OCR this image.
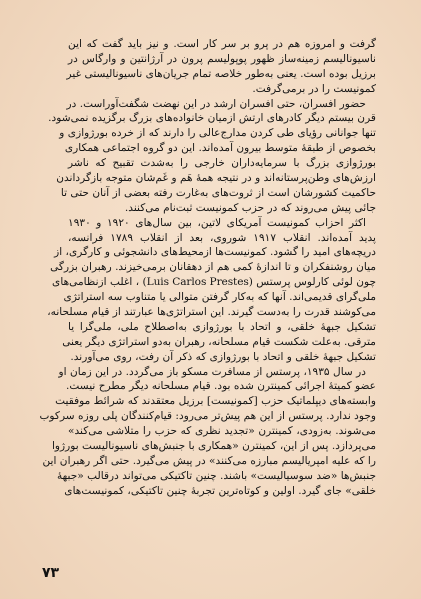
گرفت و امروزه هم در پرو بر سر کار است. و نیز باید گفت که این
ناسیونالیسم زمینه‌ساز ظهور پوپولیسم پرون در آرژانتین و وارگاس در
برزیل بوده است. یعنی به‌طور خلاصه تمام جریان‌های ناسیونالیستی غیر
کمونیست را در برمی‌گرفت.
حضور افسران، حتی افسران ارشد در این نهضت شگفت‌آوراست. در
قرن بیستم دیگر کادرهای ارتش ازمیان خانواده‌های بزرگ برگزیده نمی‌شود.
تنها جوانانی رؤیای طی کردن مدارج‌عالی را دارند که از خرده بورژوازی و
بخصوص از طبقهٔ متوسط بیرون آمده‌اند. این دو گروه اجتماعی همکاری
بورژوازی بزرگ با سرمایه‌داران خارجی را به‌شدت تقبیح که ناشر
ارزش‌های وطن‌پرستانه‌اند و در نتیجه همهٔ هَم و غَم‌شان متوجه بازگرداندن
حاکمیت کشورشان است از ثروت‌های به‌غارت رفته بعضی از آنان حتی تا
جائی پیش می‌روند که در حزب کمونیست ثبت‌نام می‌کنند.
اکثر احزاب کمونیست آمریکای لاتین، بین سال‌های ۱۹۲۰ و ۱۹۳۰
پدید آمده‌اند. انقلاب ۱۹۱۷ شوروی، بعد از انقلاب ۱۷۸۹ فرانسه،
دریچه‌های امید را گشود. کمونیست‌ها ازمحیط‌های دانشجوئی و کارگری، از
میان روشنفکران و تا اندازهٔ کمی هم از دهقانان برمی‌خیزند. رهبران بزرگی
چون لوئی کارلوس پرستس (Luis Carlos Prestes) ، اغلب ازنظامی‌های
ملی‌گرای قدیمی‌اند. آنها که به‌کار گرفتن متوالی یا متناوب سه استراتژی
می‌کوشند قدرت را به‌دست گیرند. این استراتژی‌ها عبارتند از قیام مسلحانه،
تشکیل جبههٔ خلقی، و اتحاد با بورژوازی به‌اصطلاح ملی، ملی‌گرا یا
مترقی. به‌علت شکست قیام مسلحانه، رهبران به‌دو استراتژی دیگر یعنی
تشکیل جبههٔ خلقی و اتحاد با بورژوازی که ذکر آن رفت، روی می‌آورند.
در سال ۱۹۳۵، پرستس از مسافرت مسکو باز می‌گردد. در این زمان او
عضو کمیتهٔ اجرائی کمینترن شده بود. قیام مسلحانه دیگر مطرح نیست.
وابسته‌های دیپلماتیک حزب [کمونیست] برزیل معتقدند که شرائط موفقیت
وجود ندارد. پرستس از این هم پیش‌تر می‌رود: قیام‌کنندگان پلی روزه سرکوب
می‌شوند. به‌زودی، کمینترن «تجدید نظری که حزب را متلاشی می‌کند»
می‌پردازد. پس از این، کمینترن «همکاری با جنبش‌های ناسیونالیست بورژوا
را که علیه امپریالیسم مبارزه می‌کنند» در پیش می‌گیرد. حتی اگر رهبران این
جنبش‌ها «ضد سوسیالیست» باشند. چنین تاکتیکی می‌تواند درقالب «جبههٔ
خلقی» جای گیرد. اولین و کوتاه‌ترین تجربهٔ چنین تاکتیکی، کمونیست‌های
۷۳
